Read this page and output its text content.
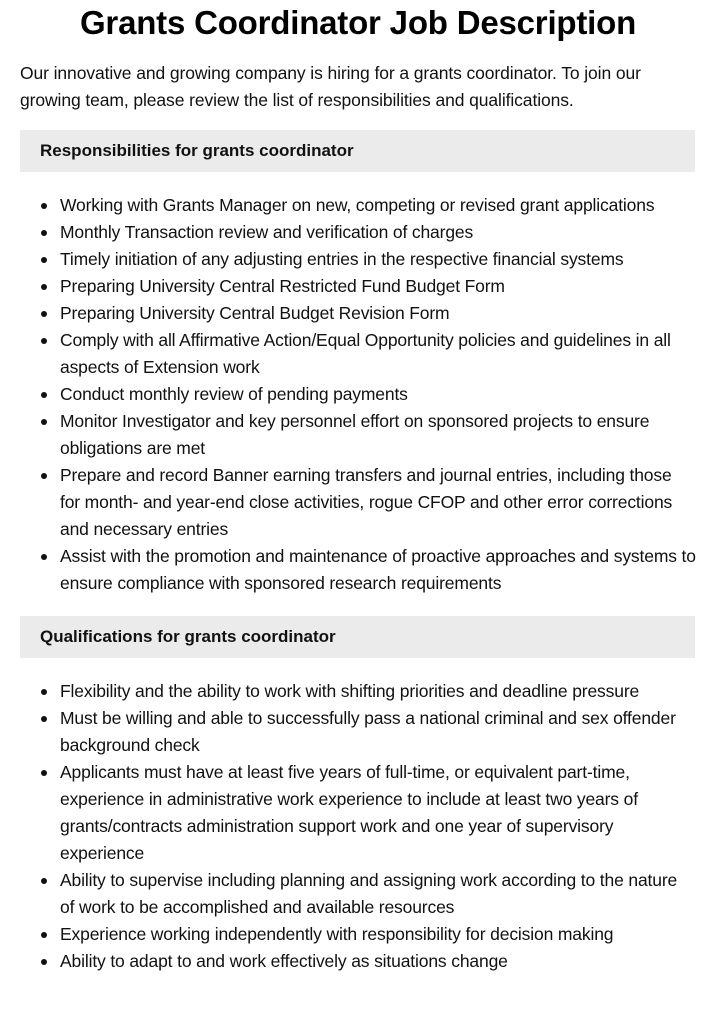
Grants Coordinator Job Description

Our innovative and growing company is hiring for a grants coordinator. To join our growing team, please review the list of responsibilities and qualifications.

Responsibilities for grants coordinator
Working with Grants Manager on new, competing or revised grant applications
Monthly Transaction review and verification of charges
Timely initiation of any adjusting entries in the respective financial systems
Preparing University Central Restricted Fund Budget Form
Preparing University Central Budget Revision Form
Comply with all Affirmative Action/Equal Opportunity policies and guidelines in all aspects of Extension work
Conduct monthly review of pending payments
Monitor Investigator and key personnel effort on sponsored projects to ensure obligations are met
Prepare and record Banner earning transfers and journal entries, including those for month- and year-end close activities, rogue CFOP and other error corrections and necessary entries
Assist with the promotion and maintenance of proactive approaches and systems to ensure compliance with sponsored research requirements
Qualifications for grants coordinator
Flexibility and the ability to work with shifting priorities and deadline pressure
Must be willing and able to successfully pass a national criminal and sex offender background check
Applicants must have at least five years of full-time, or equivalent part-time, experience in administrative work experience to include at least two years of grants/contracts administration support work and one year of supervisory experience
Ability to supervise including planning and assigning work according to the nature of work to be accomplished and available resources
Experience working independently with responsibility for decision making
Ability to adapt to and work effectively as situations change
